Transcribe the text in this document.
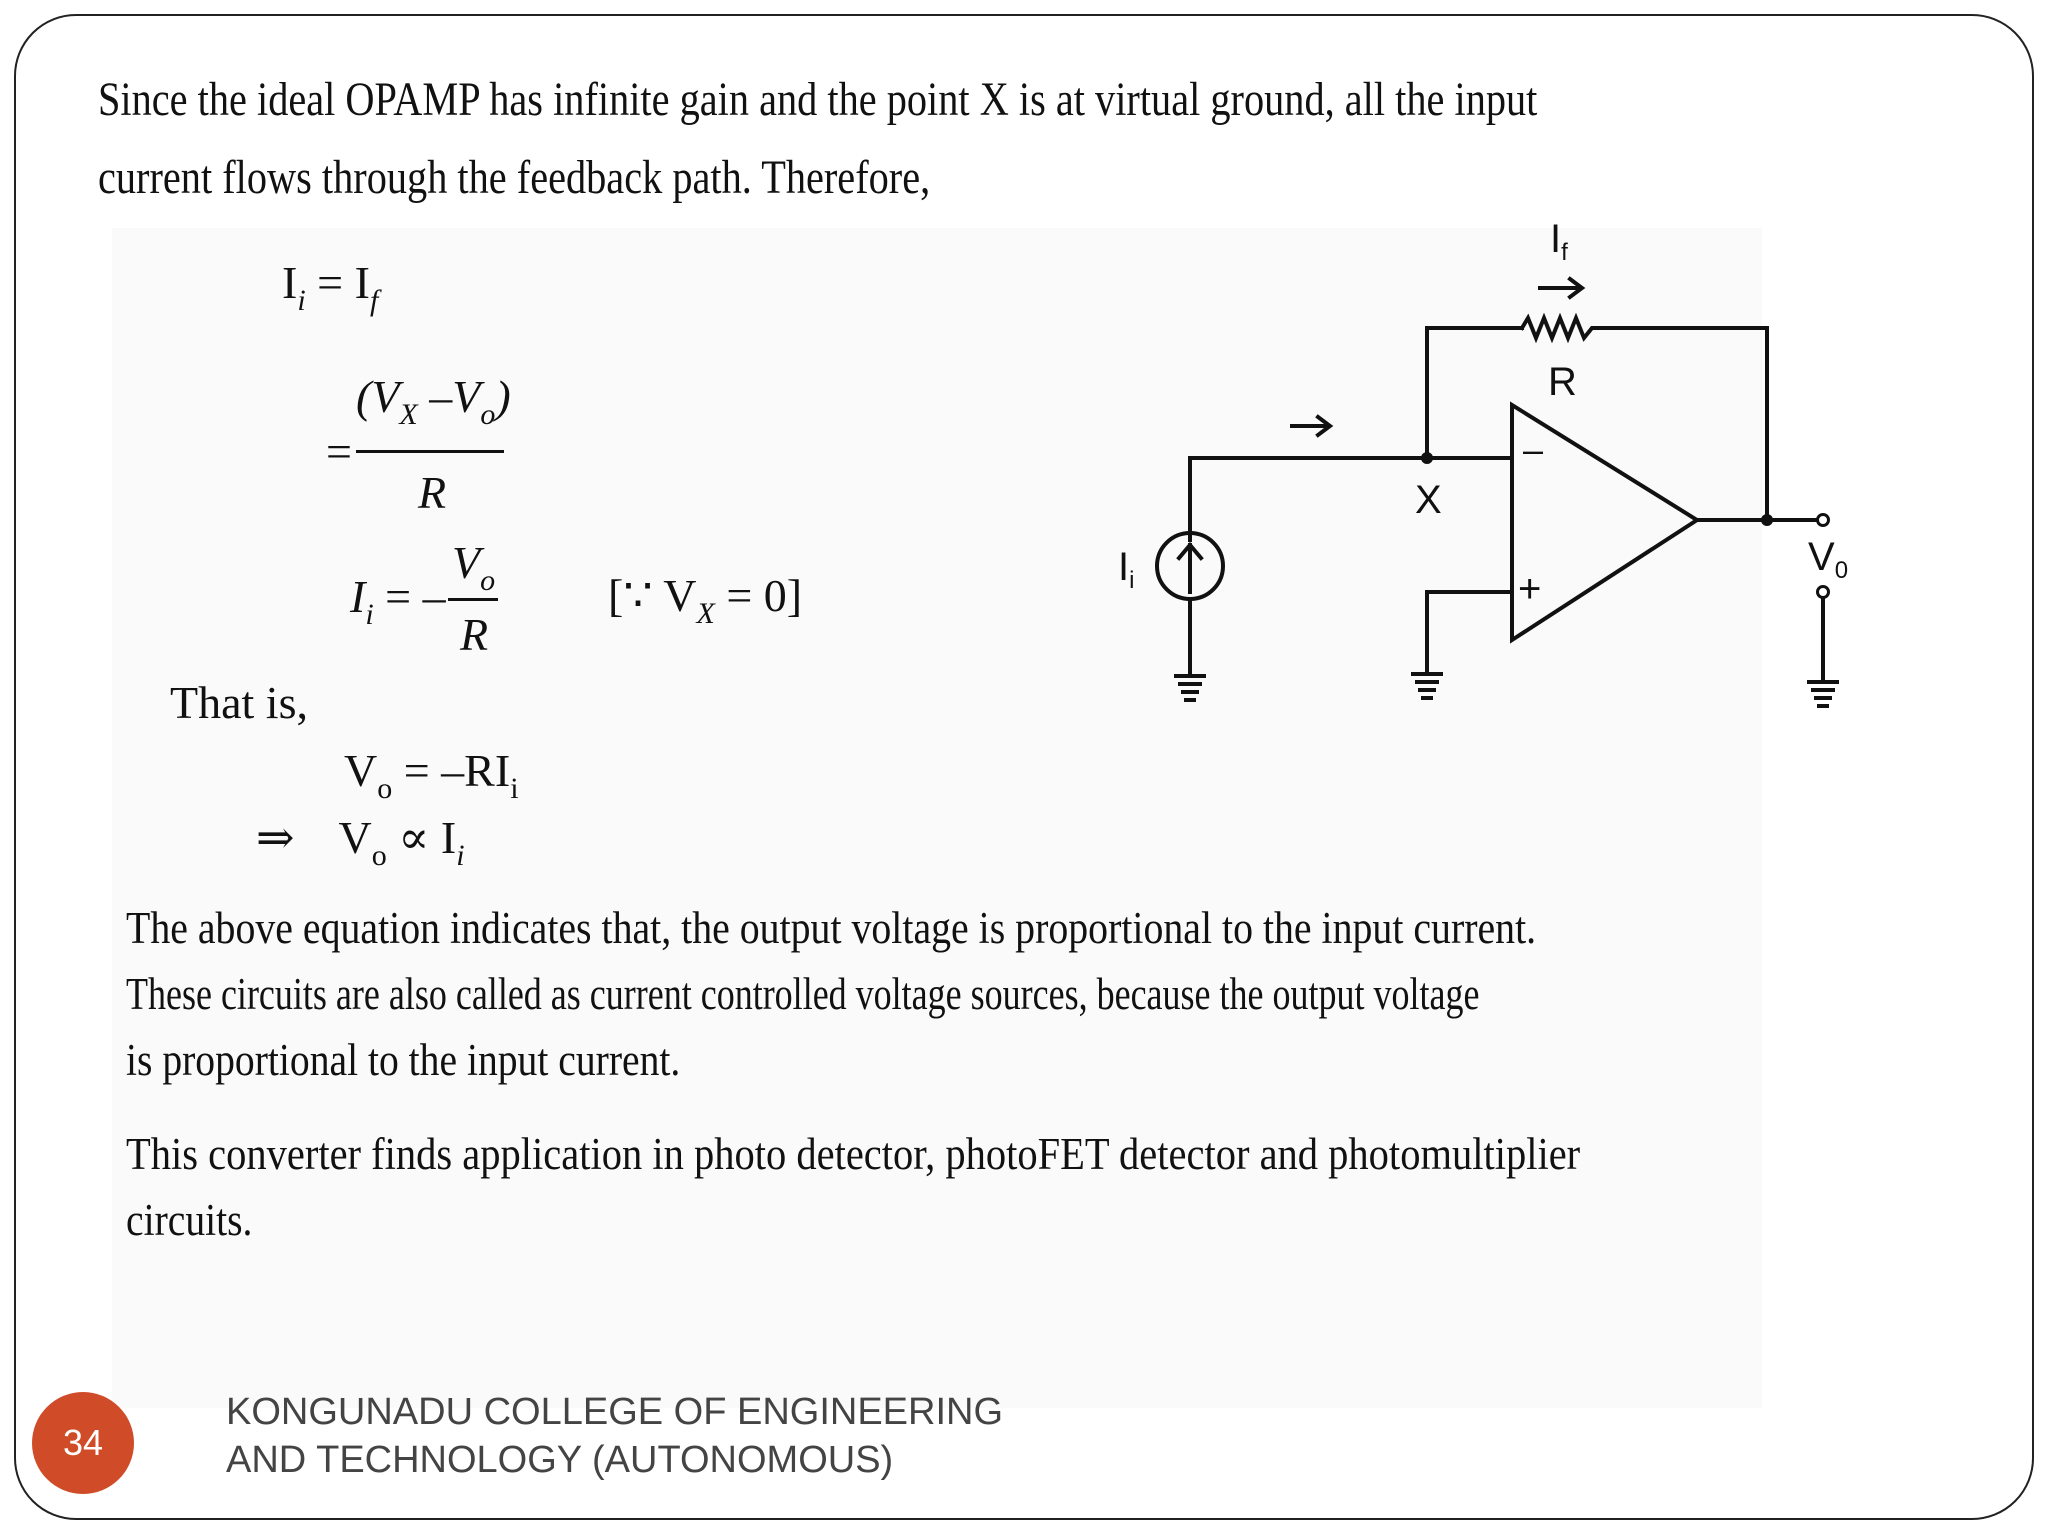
Since the ideal OPAMP has infinite gain and the point X is at virtual ground, all the input
current flows through the feedback path. Therefore,
$I_i = I_f$
=
($V_X$ $-V_o$)
R
$I_i$ = –
$V_o$
R
[∵ $V_X = 0$]
That is,
$V_o = -RI_i$
⇒ $V_o \propto I_i$
The above equation indicates that, the output voltage is proportional to the input current.
These circuits are also called as current controlled voltage sources, because the output voltage
is proportional to the input current.
This converter finds application in photo detector, photoFET detector and photomultiplier
circuits.
$I_f$
R
X
$I_i$
$V_0$
–
+
34
KONGUNADU COLLEGE OF ENGINEERING
AND TECHNOLOGY (AUTONOMOUS)
